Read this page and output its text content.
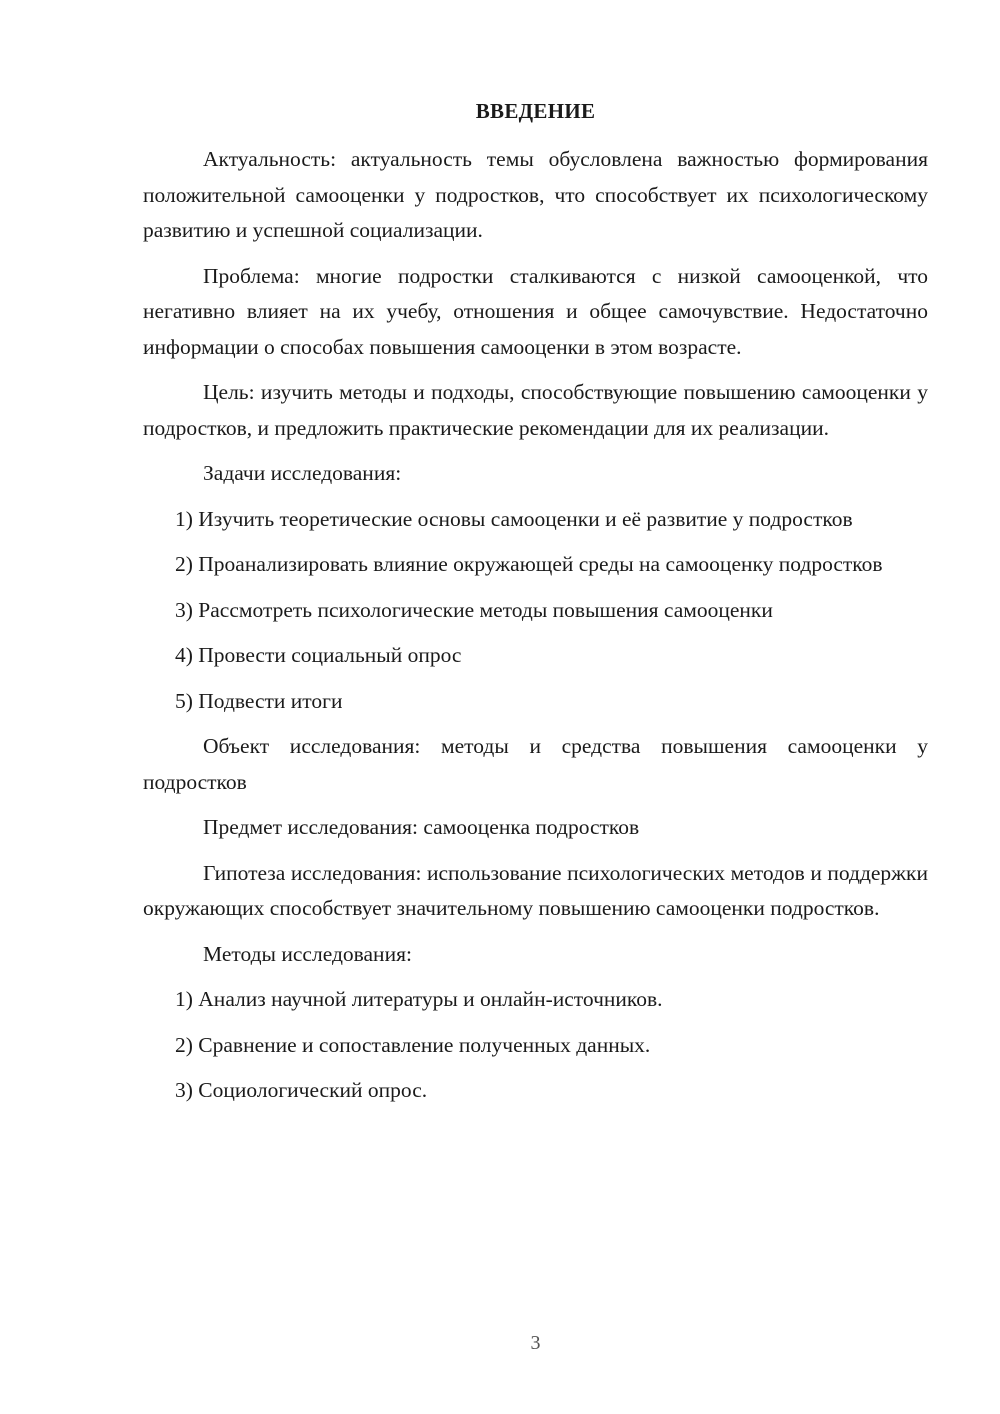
ВВЕДЕНИЕ

Актуальность: актуальность темы обусловлена важностью формирования положительной самооценки у подростков, что способствует их психологическому развитию и успешной социализации.

Проблема: многие подростки сталкиваются с низкой самооценкой, что негативно влияет на их учебу, отношения и общее самочувствие. Недостаточно информации о способах повышения самооценки в этом возрасте.

Цель: изучить методы и подходы, способствующие повышению самооценки у подростков, и предложить практические рекомендации для их реализации.

Задачи исследования:

1) Изучить теоретические основы самооценки и её развитие у подростков

2) Проанализировать влияние окружающей среды на самооценку подростков

3) Рассмотреть психологические методы повышения самооценки

4) Провести социальный опрос

5) Подвести итоги

Объект исследования: методы и средства повышения самооценки у подростков

Предмет исследования: самооценка подростков

Гипотеза исследования: использование психологических методов и поддержки окружающих способствует значительному повышению самооценки подростков.

Методы исследования:

1) Анализ научной литературы и онлайн-источников.

2) Сравнение и сопоставление полученных данных.

3) Социологический опрос.

3
